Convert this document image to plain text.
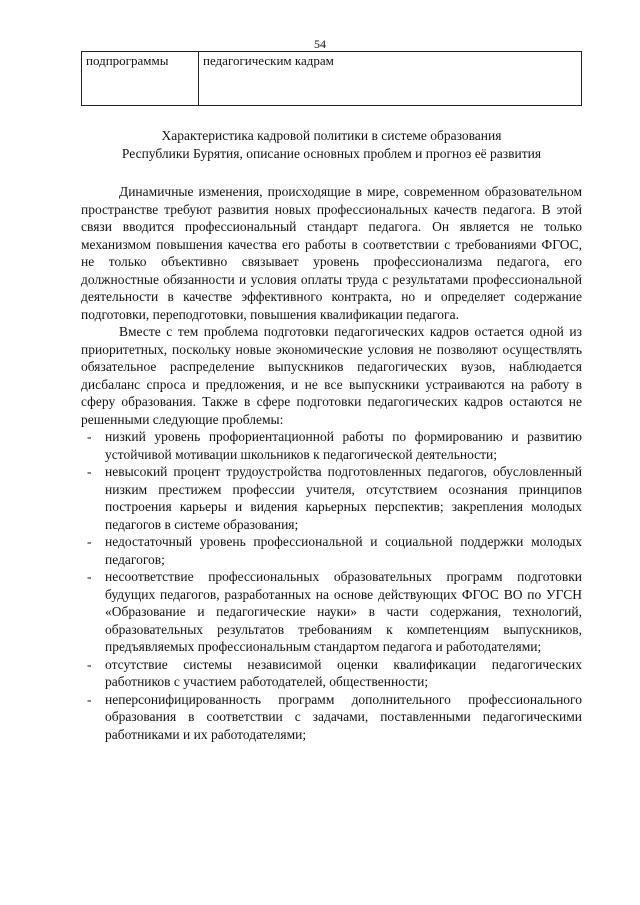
54
подпрограммы	педагогическим кадрам
Характеристика кадровой политики в системе образования
Республики Бурятия, описание основных проблем и прогноз её развития

Динамичные изменения, происходящие в мире, современном образовательном пространстве требуют развития новых профессиональных качеств педагога. В этой связи вводится профессиональный стандарт педагога. Он является не только механизмом повышения качества его работы в соответствии с требованиями ФГОС, не только объективно связывает уровень профессионализма педагога, его должностные обязанности и условия оплаты труда с результатами профессиональной деятельности в качестве эффективного контракта, но и определяет содержание подготовки, переподготовки, повышения квалификации педагога.

Вместе с тем проблема подготовки педагогических кадров остается одной из приоритетных, поскольку новые экономические условия не позволяют осуществлять обязательное распределение выпускников педагогических вузов, наблюдается дисбаланс спроса и предложения, и не все выпускники устраиваются на работу в сферу образования. Также в сфере подготовки педагогических кадров остаются не решенными следующие проблемы:

- низкий уровень профориентационной работы по формированию и развитию устойчивой мотивации школьников к педагогической деятельности;
- невысокий процент трудоустройства подготовленных педагогов, обусловленный низким престижем профессии учителя, отсутствием осознания принципов построения карьеры и видения карьерных перспектив; закрепления молодых педагогов в системе образования;
- недостаточный уровень профессиональной и социальной поддержки молодых педагогов;
- несоответствие профессиональных образовательных программ подготовки будущих педагогов, разработанных на основе действующих ФГОС ВО по УГСН «Образование и педагогические науки» в части содержания, технологий, образовательных результатов требованиям к компетенциям выпускников, предъявляемых профессиональным стандартом педагога и работодателями;
- отсутствие системы независимой оценки квалификации педагогических работников с участием работодателей, общественности;
- неперсонифицированность программ дополнительного профессионального образования в соответствии с задачами, поставленными педагогическими работниками и их работодателями;
